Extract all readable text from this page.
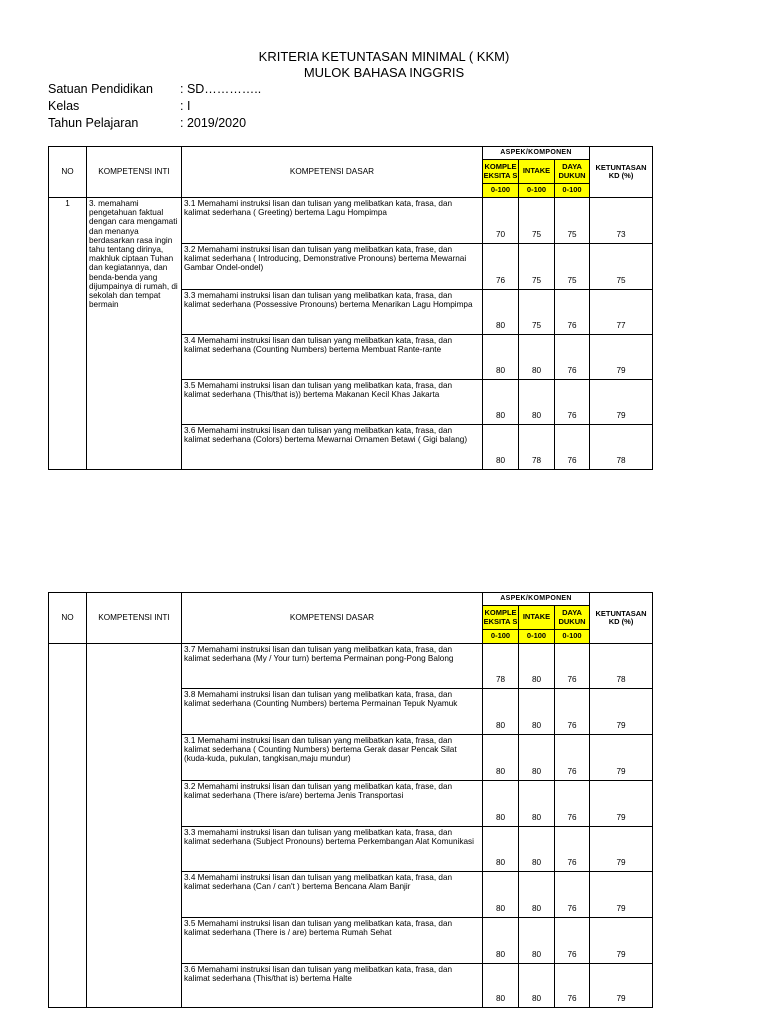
KRITERIA KETUNTASAN MINIMAL ( KKM)
MULOK BAHASA INGGRIS
Satuan Pendidikan : SD…………..
Kelas	: I
Tahun Pelajaran	: 2019/2020
NO	KOMPETENSI INTI	KOMPETENSI DASAR	ASPEK/KOMPONEN			KETUNTASAN KD (%)
			KOMPLE EKSITA S	INTAKE	DAYA DUKUN	
			0-100	0-100	0-100	
1	3. memahami pengetahuan faktual dengan cara mengamati dan menanya berdasarkan rasa ingin tahu tentang dirinya, makhluk ciptaan Tuhan dan kegiatannya, dan benda-benda yang dijumpainya di rumah, di sekolah dan tempat bermain	3.1 Memahami instruksi lisan dan tulisan yang melibatkan kata, frasa, dan kalimat sederhana ( Greeting) bertema Lagu Hompimpa	70	75	75	73
		3.2 Memahami instruksi lisan dan tulisan yang melibatkan kata, frase, dan kalimat sederhana ( Introducing, Demonstrative Pronouns) bertema Mewarnai Gambar Ondel-ondel)	76	75	75	75
		3.3 memahami instruksi lisan dan tulisan yang melibatkan kata, frasa, dan kalimat sederhana (Possessive Pronouns) bertema Menarikan Lagu Hompimpa	80	75	76	77
		3.4 Memahami instruksi lisan dan tulisan yang melibatkan kata, frasa, dan kalimat sederhana (Counting Numbers) bertema Membuat Rante-rante	80	80	76	79
		3.5 Memahami instruksi lisan dan tulisan yang melibatkan kata, frasa, dan kalimat sederhana (This/that is)) bertema Makanan Kecil Khas Jakarta	80	80	76	79
		3.6 Memahami instruksi lisan dan tulisan yang melibatkan kata, frasa, dan kalimat sederhana (Colors) bertema Mewarnai Ornamen Betawi ( Gigi balang)	80	78	76	78
NO	KOMPETENSI INTI	KOMPETENSI DASAR	ASPEK/KOMPONEN			KETUNTASAN KD (%)
			KOMPLE EKSITA S	INTAKE	DAYA DUKUN	
			0-100	0-100	0-100	
		3.7 Memahami instruksi lisan dan tulisan yang melibatkan kata, frasa, dan kalimat sederhana (My / Your turn) bertema Permainan pong-Pong Balong	78	80	76	78
		3.8 Memahami instruksi lisan dan tulisan yang melibatkan kata, frasa, dan kalimat sederhana (Counting Numbers) bertema Permainan Tepuk Nyamuk	80	80	76	79
		3.1 Memahami instruksi lisan dan tulisan yang melibatkan kata, frasa, dan kalimat sederhana ( Counting Numbers) bertema Gerak dasar Pencak Silat (kuda-kuda, pukulan, tangkisan,maju mundur)	80	80	76	79
		3.2 Memahami instruksi lisan dan tulisan yang melibatkan kata, frase, dan kalimat sederhana (There is/are) bertema Jenis Transportasi	80	80	76	79
		3.3 memahami instruksi lisan dan tulisan yang melibatkan kata, frasa, dan kalimat sederhana (Subject Pronouns) bertema Perkembangan Alat Komunikasi	80	80	76	79
		3.4 Memahami instruksi lisan dan tulisan yang melibatkan kata, frasa, dan kalimat sederhana (Can / can't ) bertema Bencana Alam Banjir	80	80	76	79
		3.5 Memahami instruksi lisan dan tulisan yang melibatkan kata, frasa, dan kalimat sederhana (There is / are) bertema Rumah Sehat	80	80	76	79
		3.6 Memahami instruksi lisan dan tulisan yang melibatkan kata, frasa, dan kalimat sederhana (This/that is) bertema Halte	80	80	76	79
